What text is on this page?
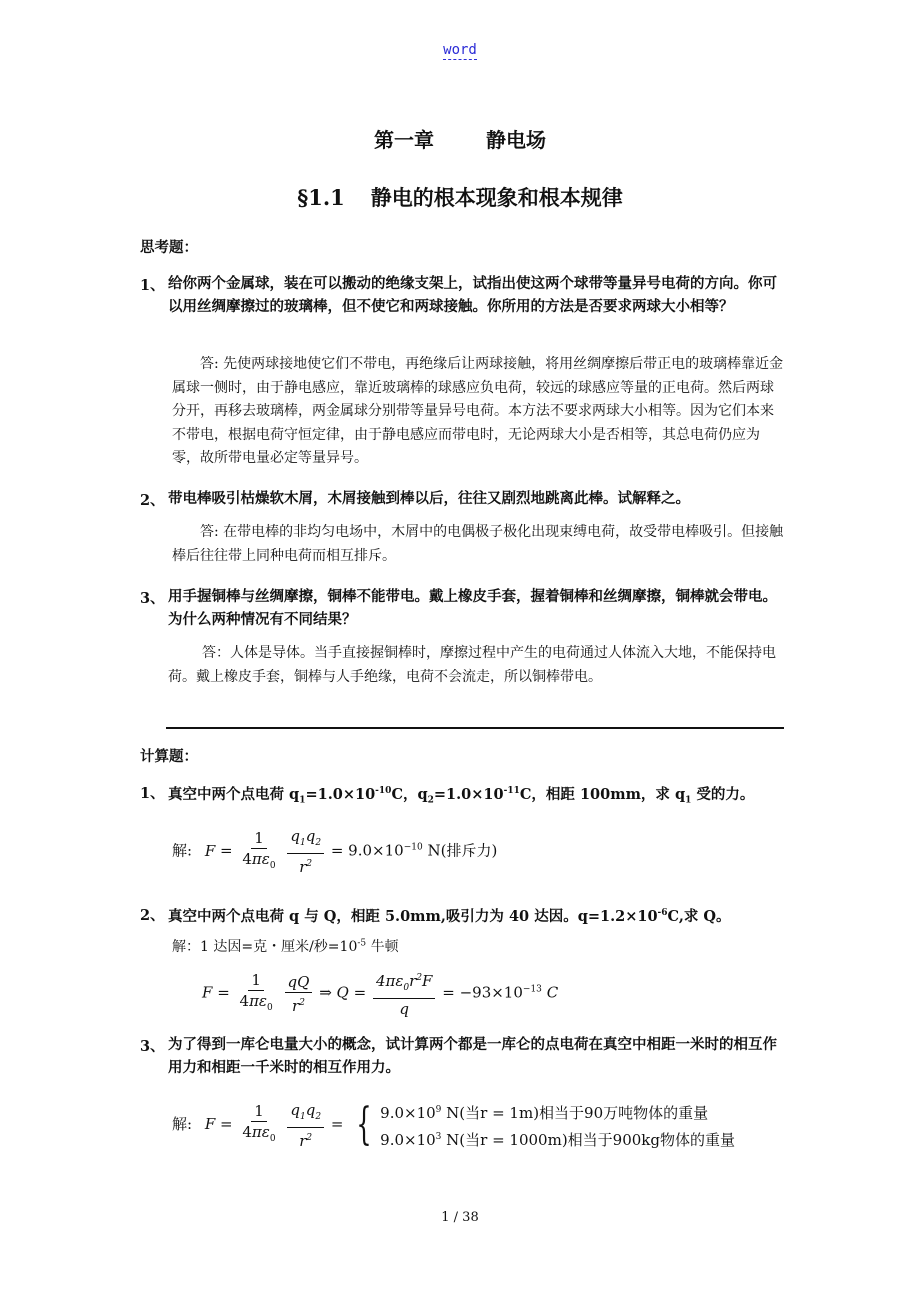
word
第一章	静电场
§1.1 静电的根本现象和根本规律
思考题：
1、 给你两个金属球，装在可以搬动的绝缘支架上，试指出使这两个球带等量异号电荷的方向。你可以用丝绸摩擦过的玻璃棒，但不使它和两球接触。你所用的方法是否要求两球大小相等？
答: 先使两球接地使它们不带电，再绝缘后让两球接触，将用丝绸摩擦后带正电的玻璃棒靠近金属球一侧时，由于静电感应，靠近玻璃棒的球感应负电荷，较远的球感应等量的正电荷。然后两球分开，再移去玻璃棒，两金属球分别带等量异号电荷。本方法不要求两球大小相等。因为它们本来不带电，根据电荷守恒定律，由于静电感应而带电时，无论两球大小是否相等，其总电荷仍应为零，故所带电量必定等量异号。
2、 带电棒吸引枯燥软木屑，木屑接触到棒以后，往往又剧烈地跳离此棒。试解释之。
答: 在带电棒的非均匀电场中，木屑中的电偶极子极化出现束缚电荷，故受带电棒吸引。但接触棒后往往带上同种电荷而相互排斥。
3、 用手握铜棒与丝绸摩擦，铜棒不能带电。戴上橡皮手套，握着铜棒和丝绸摩擦，铜棒就会带电。为什么两种情况有不同结果？
答：人体是导体。当手直接握铜棒时，摩擦过程中产生的电荷通过人体流入大地，不能保持电荷。戴上橡皮手套，铜棒与人手绝缘，电荷不会流走，所以铜棒带电。
计算题：
1、 真空中两个点电荷 $q_1=1.0\times 10^{-10}C$，$q_2=1.0\times 10^{-11}C$，相距 100mm，求 $q_1$ 受的力。
解: $F = \frac{1}{4\pi\varepsilon_0}$
$\frac{q_1q_2}{r^2} = 9.0\times 10^{-10}$ N(排斥力)
2、 真空中两个点电荷 q 与 Q，相距 5.0mm,吸引力为 40 达因。$q=1.2\times 10^{-6}C$,求 Q。
解：1 达因=克・厘米/秒$=10^{-5}$ 牛顿
$F = \frac{1}{4\pi\varepsilon_0}$
$\frac{qQ}{r^2}$ ⇒ $Q = \frac{4\pi\varepsilon_0r^2F}{q} = -93\times 10^{-13}$ C
3、 为了得到一库仑电量大小的概念，试计算两个都是一库仑的点电荷在真空中相距一米时的相互作用力和相距一千米时的相互作用力。
解: $F = \frac{1}{4\pi\varepsilon_0}$
$\frac{q_1q_2}{r^2}$ = { $9.0\times 10^9$ N(当r = 1m)相当于90万吨物体的重量
$9.0\times 10^3$ N(当r = 1000m)相当于900kg物体的重量
1 / 38
